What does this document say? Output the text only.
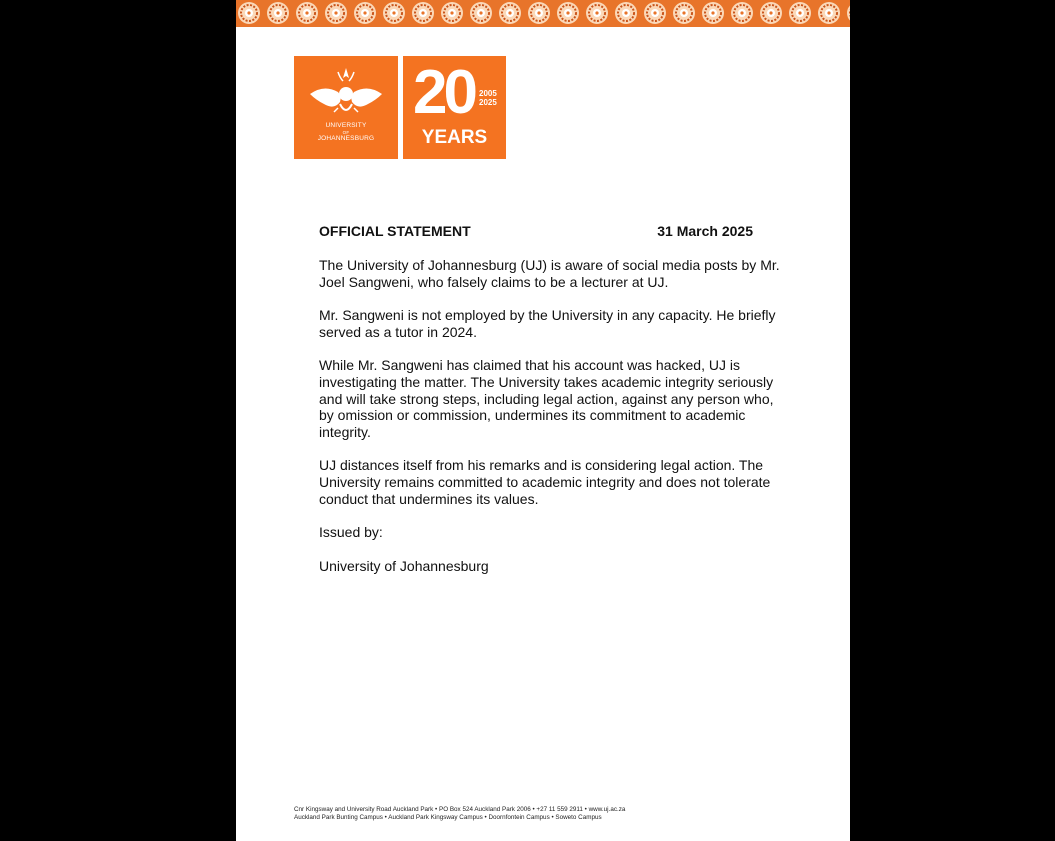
UNIVERSITY
OF
JOHANNESBURG
20 2005
2025
YEARS
OFFICIAL STATEMENT	31 March 2025

The University of Johannesburg (UJ) is aware of social media posts by Mr. Joel Sangweni, who falsely claims to be a lecturer at UJ.

Mr. Sangweni is not employed by the University in any capacity. He briefly served as a tutor in 2024.

While Mr. Sangweni has claimed that his account was hacked, UJ is investigating the matter. The University takes academic integrity seriously and will take strong steps, including legal action, against any person who, by omission or commission, undermines its commitment to academic integrity.

UJ distances itself from his remarks and is considering legal action. The University remains committed to academic integrity and does not tolerate conduct that undermines its values.

Issued by:

University of Johannesburg

Cnr Kingsway and University Road Auckland Park • PO Box 524 Auckland Park 2006 • +27 11 559 2911 • www.uj.ac.za
Auckland Park Bunting Campus • Auckland Park Kingsway Campus • Doornfontein Campus • Soweto Campus
